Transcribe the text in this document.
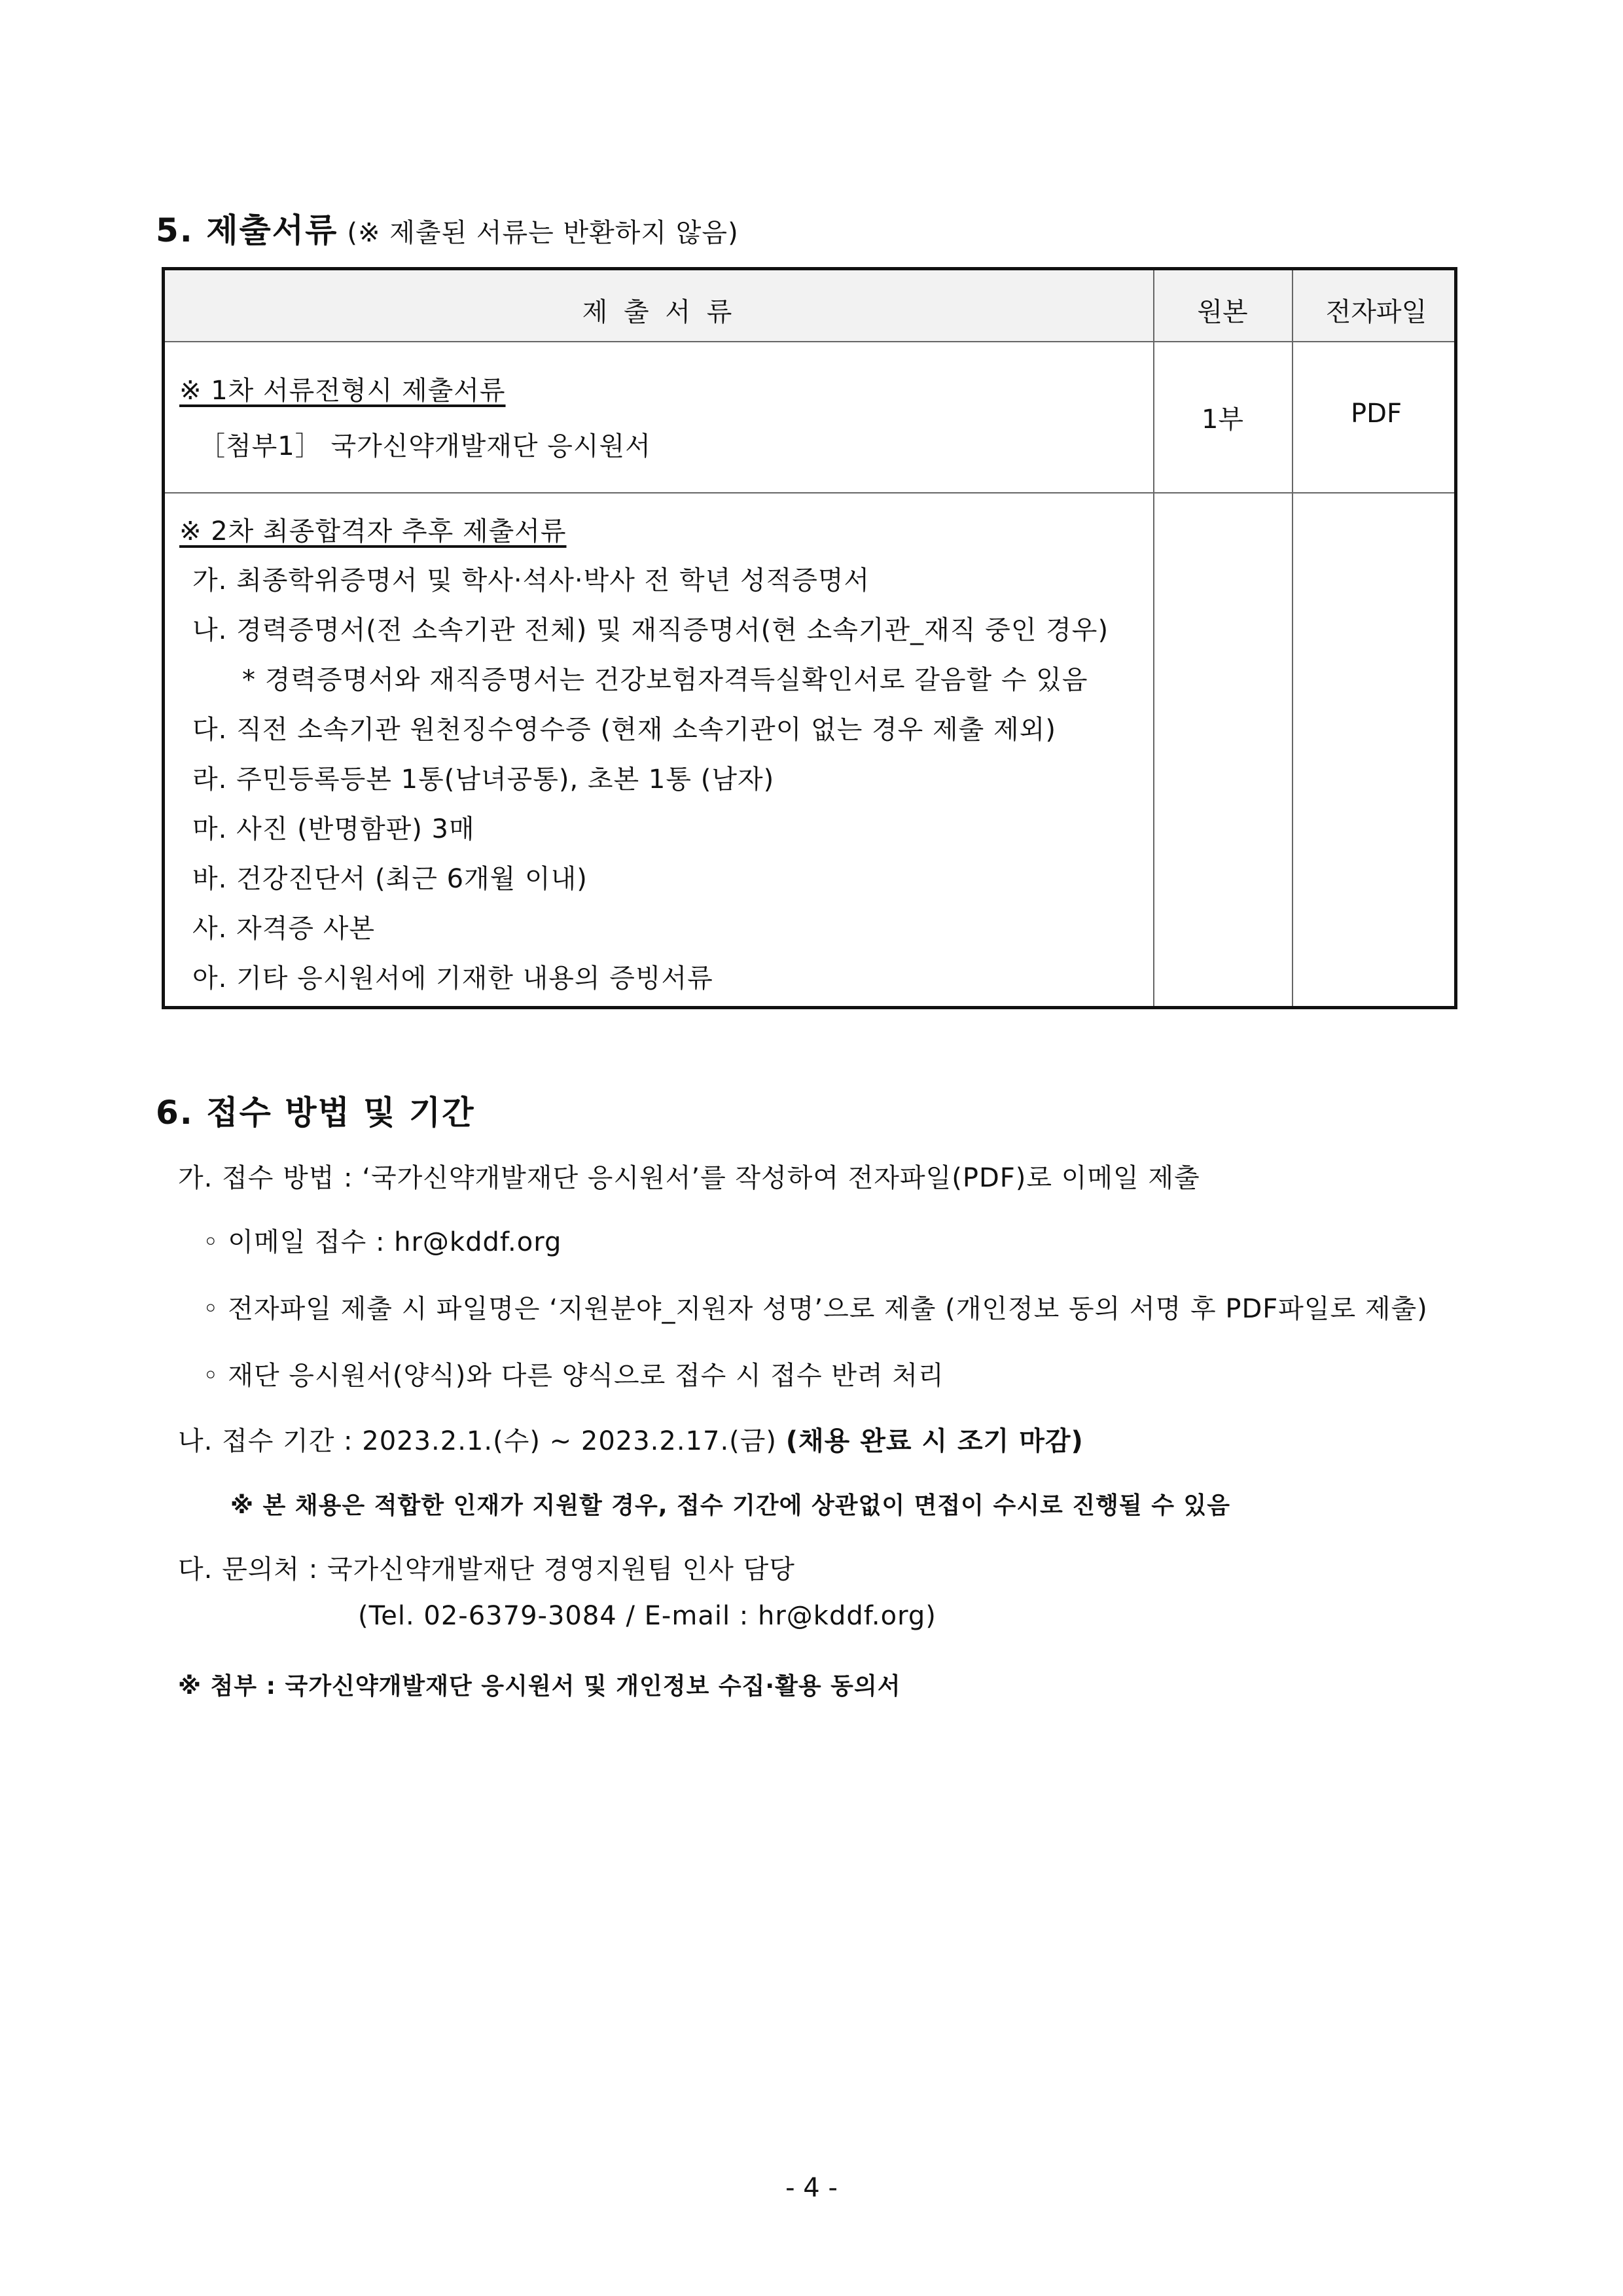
5. 제출서류 (※ 제출된 서류는 반환하지 않음)
제 출 서 류	원본	전자파일
※ 1차 서류전형시 제출서류
［첨부1］ 국가신약개발재단 응시원서
1부	PDF
※ 2차 최종합격자 추후 제출서류
가. 최종학위증명서 및 학사·석사·박사 전 학년 성적증명서
나. 경력증명서(전 소속기관 전체) 및 재직증명서(현 소속기관_재직 중인 경우)
* 경력증명서와 재직증명서는 건강보험자격득실확인서로 갈음할 수 있음
다. 직전 소속기관 원천징수영수증 (현재 소속기관이 없는 경우 제출 제외)
라. 주민등록등본 1통(남녀공통), 초본 1통 (남자)
마. 사진 (반명함판) 3매
바. 건강진단서 (최근 6개월 이내)
사. 자격증 사본
아. 기타 응시원서에 기재한 내용의 증빙서류
6. 접수 방법 및 기간
가. 접수 방법 : ‘국가신약개발재단 응시원서’를 작성하여 전자파일(PDF)로 이메일 제출
◦ 이메일 접수 : hr@kddf.org
◦ 전자파일 제출 시 파일명은 ‘지원분야_지원자 성명’으로 제출 (개인정보 동의 서명 후 PDF파일로 제출)
◦ 재단 응시원서(양식)와 다른 양식으로 접수 시 접수 반려 처리
나. 접수 기간 : 2023.2.1.(수) ~ 2023.2.17.(금) (채용 완료 시 조기 마감)
※ 본 채용은 적합한 인재가 지원할 경우, 접수 기간에 상관없이 면접이 수시로 진행될 수 있음
다. 문의처 : 국가신약개발재단 경영지원팀 인사 담당
(Tel. 02-6379-3084 / E-mail : hr@kddf.org)
※ 첨부 : 국가신약개발재단 응시원서 및 개인정보 수집·활용 동의서
- 4 -
